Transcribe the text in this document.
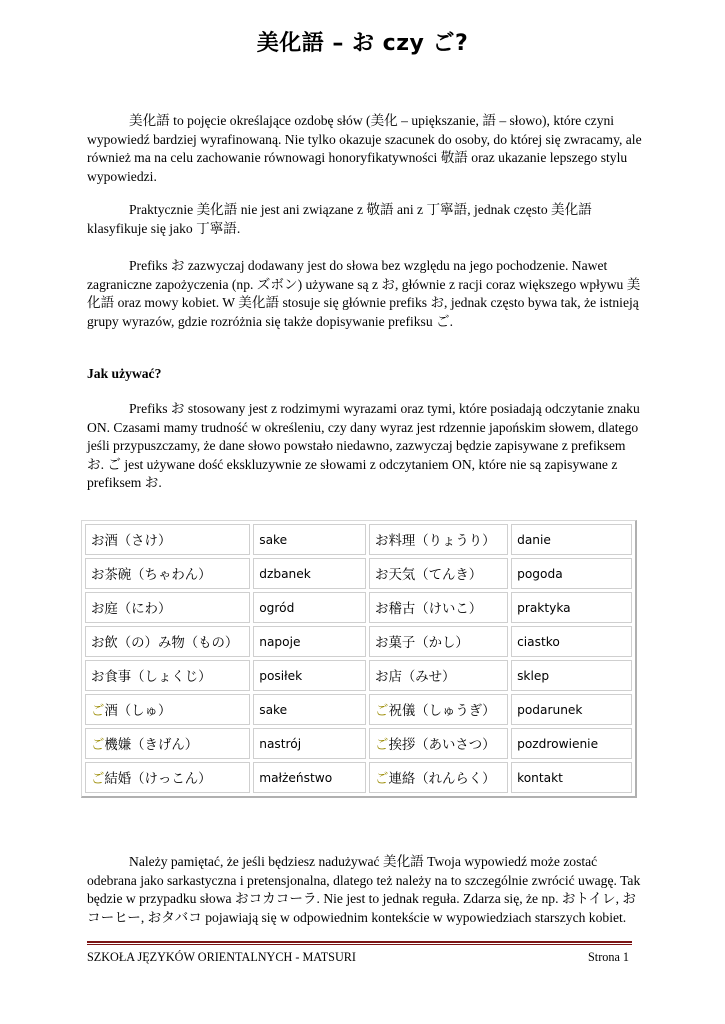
美化語 – お czy ご?

美化語 to pojęcie określające ozdobę słów (美化 – upiększanie, 語 – słowo), które czyni wypowiedź bardziej wyrafinowaną. Nie tylko okazuje szacunek do osoby, do której się zwracamy, ale również ma na celu zachowanie równowagi honoryfikatywności 敬語 oraz ukazanie lepszego stylu wypowiedzi.

Praktycznie 美化語 nie jest ani związane z 敬語 ani z 丁寧語, jednak często 美化語 klasyfikuje się jako 丁寧語.

Prefiks お zazwyczaj dodawany jest do słowa bez względu na jego pochodzenie. Nawet zagraniczne zapożyczenia (np. ズボン) używane są z お, głównie z racji coraz większego wpływu 美化語 oraz mowy kobiet. W 美化語 stosuje się głównie prefiks お, jednak często bywa tak, że istnieją grupy wyrazów, gdzie rozróżnia się także dopisywanie prefiksu ご.

Jak używać?

Prefiks お stosowany jest z rodzimymi wyrazami oraz tymi, które posiadają odczytanie znaku ON. Czasami mamy trudność w określeniu, czy dany wyraz jest rdzennie japońskim słowem, dlatego jeśli przypuszczamy, że dane słowo powstało niedawno, zazwyczaj będzie zapisywane z prefiksem お. ご jest używane dość ekskluzywnie ze słowami z odczytaniem ON, które nie są zapisywane z prefiksem お.

お酒（さけ）	sake	お料理（りょうり）	danie
お茶碗（ちゃわん）	dzbanek	お天気（てんき）	pogoda
お庭（にわ）	ogród	お稽古（けいこ）	praktyka
お飲（の）み物（もの）	napoje	お菓子（かし）	ciastko
お食事（しょくじ）	posiłek	お店（みせ）	sklep
ご酒（しゅ）	sake	ご祝儀（しゅうぎ）	podarunek
ご機嫌（きげん）	nastrój	ご挨拶（あいさつ）	pozdrowienie
ご結婚（けっこん）	małżeństwo	ご連絡（れんらく）	kontakt

Należy pamiętać, że jeśli będziesz nadużywać 美化語 Twoja wypowiedź może zostać odebrana jako sarkastyczna i pretensjonalna, dlatego też należy na to szczególnie zwrócić uwagę. Tak będzie w przypadku słowa おコカコーラ. Nie jest to jednak reguła. Zdarza się, że np. おトイレ, おコーヒー, おタバコ pojawiają się w odpowiednim kontekście w wypowiedziach starszych kobiet.

SZKOŁA JĘZYKÓW ORIENTALNYCH - MATSURI	Strona 1
